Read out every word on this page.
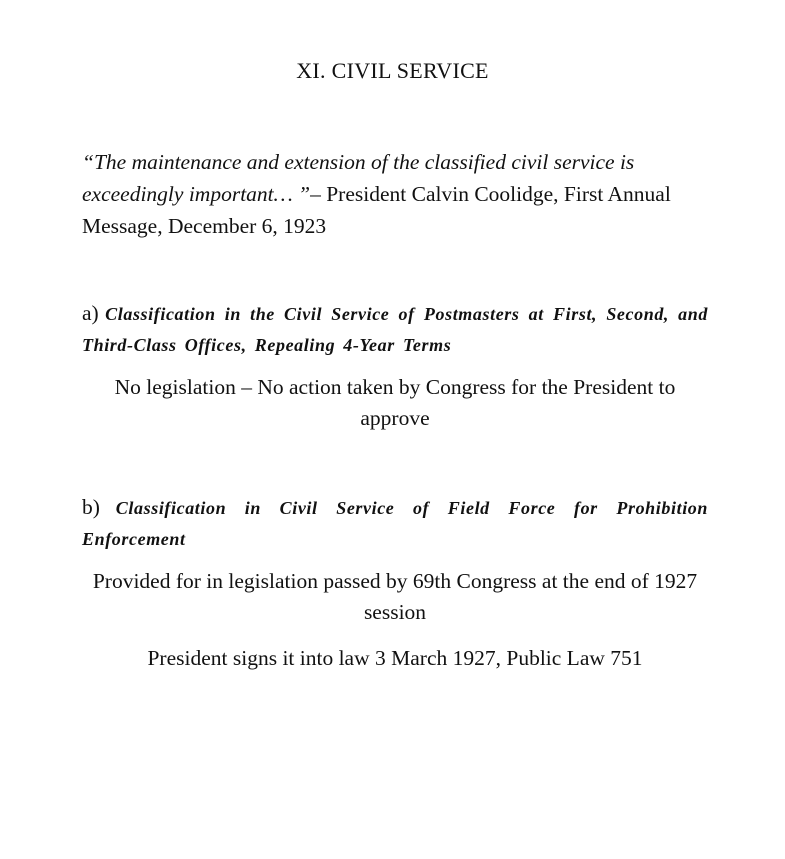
XI. CIVIL SERVICE
“The maintenance and extension of the classified civil service is exceedingly important… ”– President Calvin Coolidge, First Annual Message, December 6, 1923
a) Classification in the Civil Service of Postmasters at First, Second, and Third-Class Offices, Repealing 4-Year Terms
No legislation – No action taken by Congress for the President to approve
b) Classification in Civil Service of Field Force for Prohibition Enforcement
Provided for in legislation passed by 69th Congress at the end of 1927 session
President signs it into law 3 March 1927, Public Law 751
